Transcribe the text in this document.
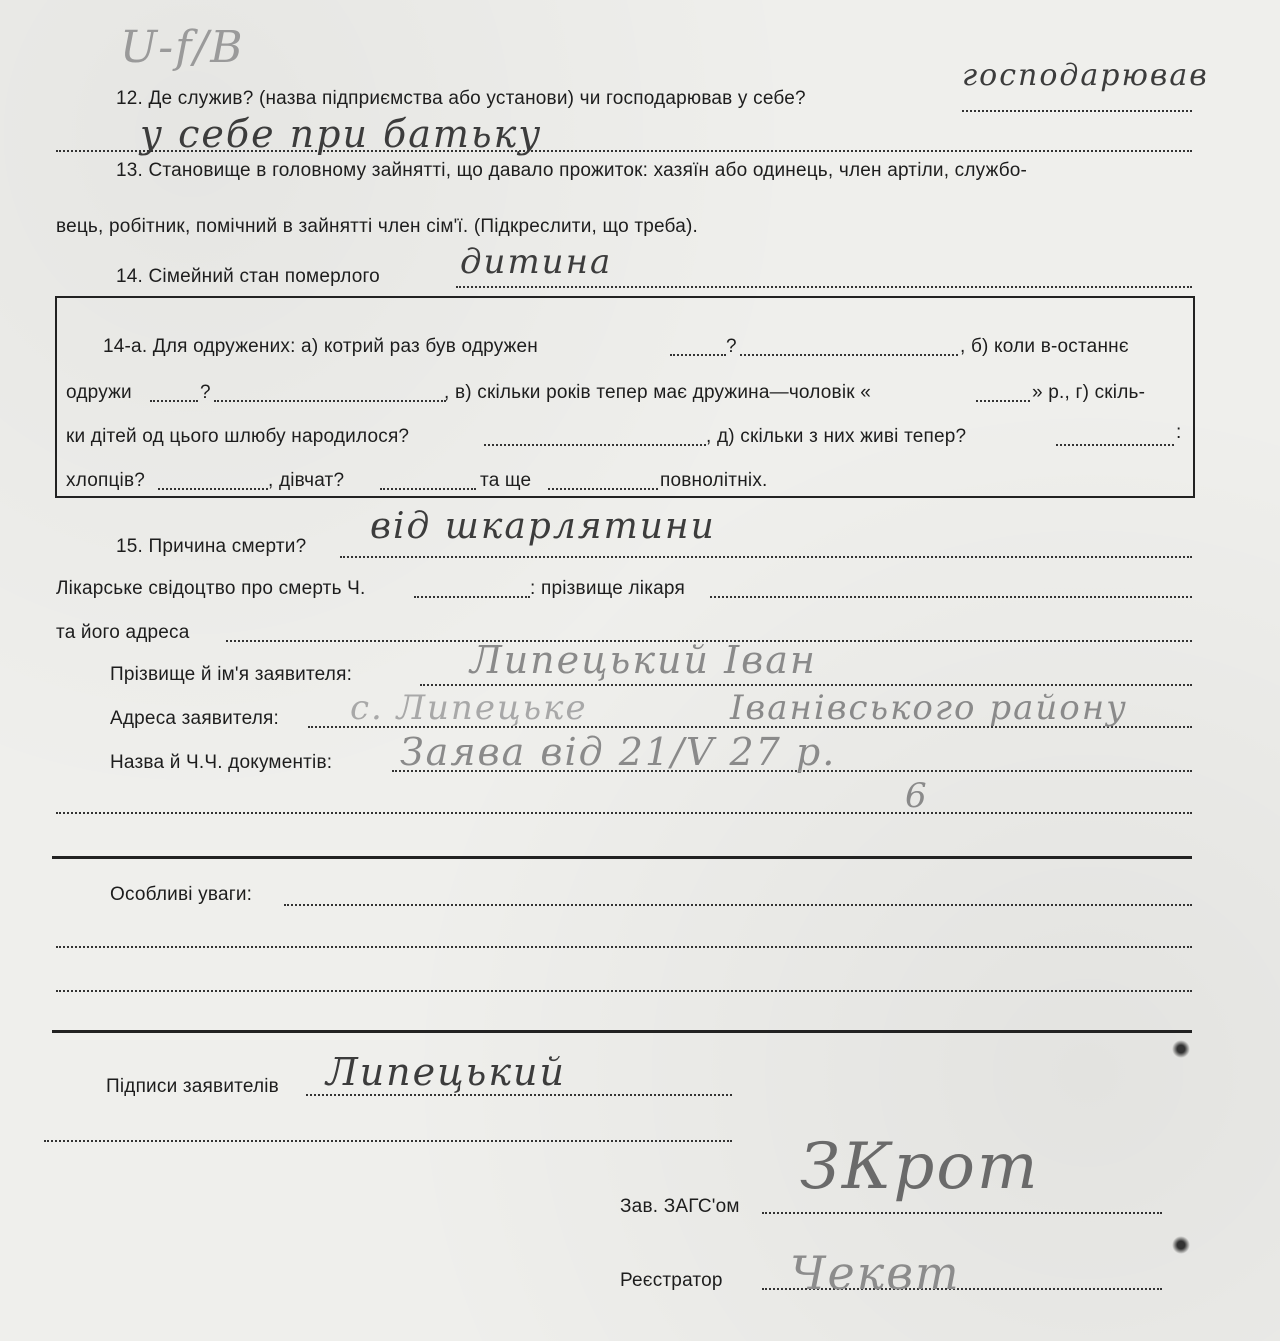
U-f/B
12. Де служив? (назва підприємства або установи) чи господарював у себе?
господарював
у себе при батьку
13. Становище в головному зайнятті, що давало прожиток: хазяїн або одинець, член артіли, службо-
вець, робітник, помічний в зайнятті член сім'ї. (Підкреслити, що треба).
14. Сімейний стан померлого дитина
14-а. Для одружених: а) котрий раз був одружен	?	, б) коли в-останнє
одружи	?	, в) скільки років тепер має дружина—чоловік «	» р., г) скіль-
ки дітей од цього шлюбу народилося?	, д) скільки з них живі тепер?	:
хлопців?	, дівчат?	та ще	повнолітніх.
15. Причина смерти? від шкарлятини
Лікарське свідоцтво про смерть Ч.	: прізвище лікаря
та його адреса
Прізвище й ім'я заявителя:	Липецький Іван
Адреса заявителя: с. Липецьке	Іванівського району
Назва й Ч.Ч. документів: Заява від 21/V 27 р.
6
Особливі уваги:
Підписи заявителів Липецький
Зав. ЗАГС'ом
ЗКрот
Реєстратор Чеквт
